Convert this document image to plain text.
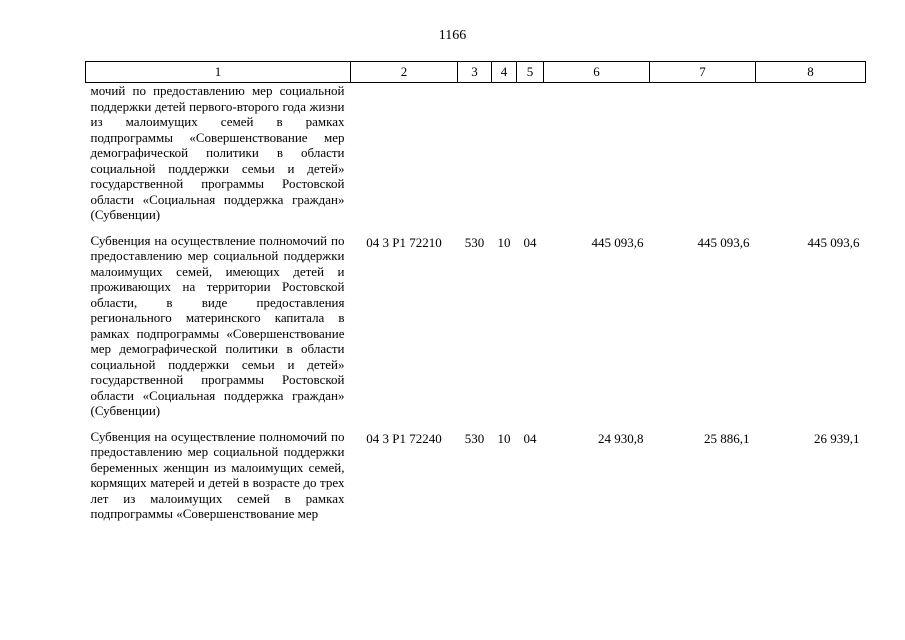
1166
1	2	3	4	5	6	7	8
мочий по предоставлению мер социальной поддержки детей первого-второго года жизни из малоимущих семей в рамках подпрограммы «Совершенствование мер демографической политики в области социальной поддержки семьи и детей» государственной программы Ростовской области «Социальная поддержка граждан» (Субвенции)							
Субвенция на осуществление полномочий по предоставлению мер социальной поддержки малоимущих семей, имеющих детей и проживающих на территории Ростовской области, в виде предоставления регионального материнского капитала в рамках подпрограммы «Совершенствование мер демографической политики в области социальной поддержки семьи и детей» государственной программы Ростовской области «Социальная поддержка граждан» (Субвенции)	04 3 P1 72210	530	10	04	445 093,6	445 093,6	445 093,6
Субвенция на осуществление полномочий по предоставлению мер социальной поддержки беременных женщин из малоимущих семей, кормящих матерей и детей в возрасте до трех лет из малоимущих семей в рамках подпрограммы «Совершенствование мер	04 3 P1 72240	530	10	04	24 930,8	25 886,1	26 939,1
